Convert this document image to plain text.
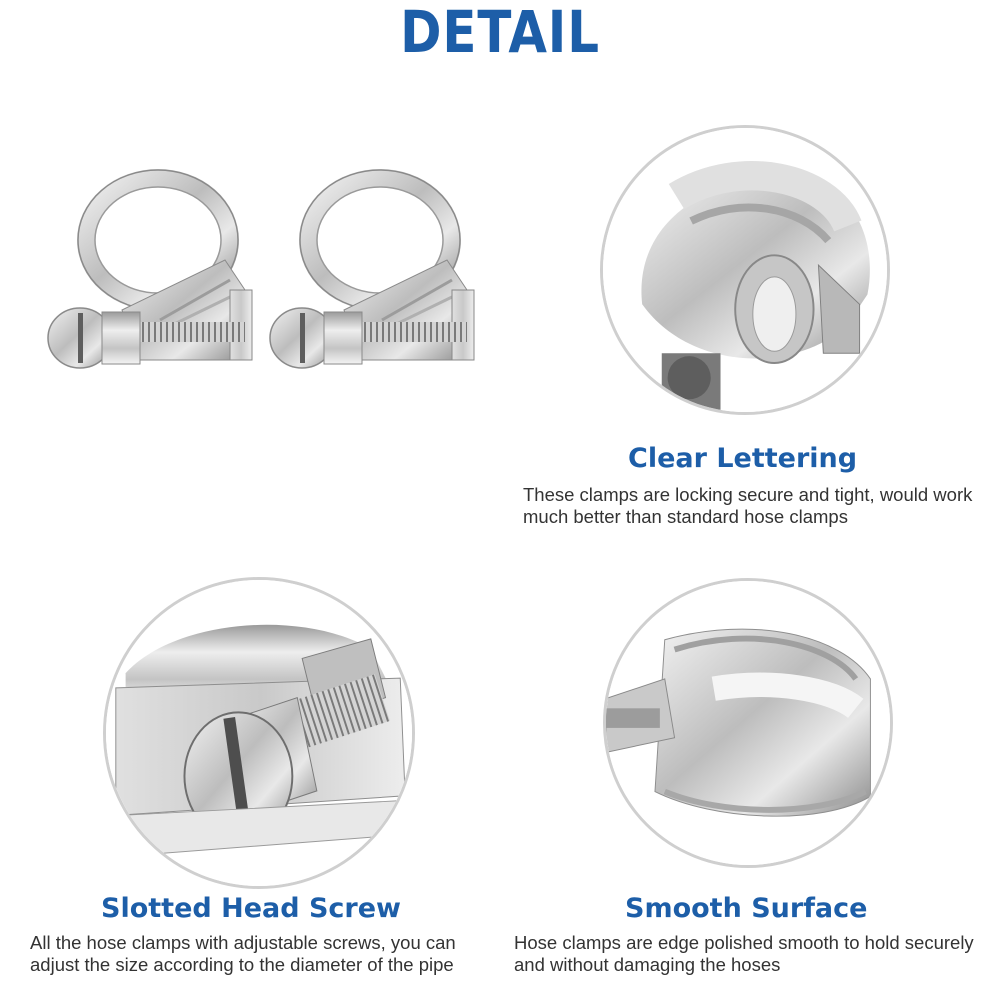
DETAIL
Clear Lettering

These clamps are locking secure and tight, would work much better than standard hose clamps

Slotted Head Screw

All the hose clamps with adjustable screws, you can adjust the size according to the diameter of the pipe

Smooth Surface

Hose clamps are edge polished smooth to hold securely and without damaging the hoses
